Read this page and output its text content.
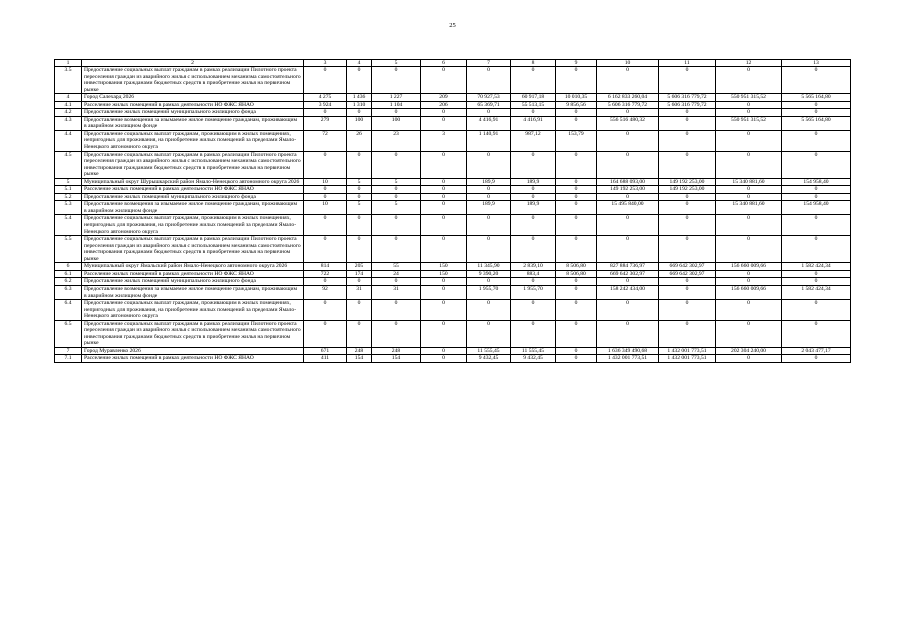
25
1	2	3	4	5	6	7	8	9	10	11	12	13
3.5	Предоставление социальных выплат гражданам в рамках реализации Пилотного проекта переселения граждан из аварийного жилья с использованием механизма самостоятельного инвестирования гражданами бюджетных средств в приобретение жилья на первичном рынке	0	0	0	0	0	0	0	0	0	0	0
4	Город Салехард 2026	4 275	1 436	1 227	209	70 927,53	60 917,18	10 010,35	6 162 833 260,04	5 606 316 779,72	550 951 315,52	5 565 164,80
4.1	Расселение жилых помещений в рамках деятельности НО ФЖС ЯНАО	3 924	1 310	1 104	206	65 369,71	55 513,15	9 856,56	5 606 316 779,72	5 606 316 779,72	0	0
4.2	Предоставление жилых помещений муниципального жилищного фонда	0	0	0	0	0	0	0	0	0	0	0
4.3	Предоставление возмещения за изымаемое жилое помещение гражданам, проживающим в аварийном жилищном фонде	279	100	100	0	4 416,91	4 416,91	0	556 516 480,32	0	550 951 315,52	5 565 164,80
4.4	Предоставление социальных выплат гражданам, проживающим в жилых помещениях, непригодных для проживания, на приобретение жилых помещений за пределами Ямало-Ненецкого автономного округа	72	26	23	3	1 140,91	987,12	153,79	0	0	0	0
4.5	Предоставление социальных выплат гражданам в рамках реализации Пилотного проекта переселения граждан из аварийного жилья с использованием механизма самостоятельного инвестирования гражданами бюджетных средств в приобретение жилья на первичном рынке	0	0	0	0	0	0	0	0	0	0	0
5	Муниципальный округ Шурышкарский район Ямало-Ненецкого автономного округа 2026	10	5	5	0	189,9	189,9	0	164 688 093,00	149 192 253,00	15 340 881,60	154 958,40
5.1	Расселение жилых помещений в рамках деятельности НО ФЖС ЯНАО	0	0	0	0	0	0	0	149 192 253,00	149 192 253,00	0	0
5.2	Предоставление жилых помещений муниципального жилищного фонда	0	0	0	0	0	0	0	0	0	0	0
5.3	Предоставление возмещения за изымаемое жилое помещение гражданам, проживающим в аварийном жилищном фонде	10	5	5	0	189,9	189,9	0	15 495 840,00	0	15 340 881,60	154 958,40
5.4	Предоставление социальных выплат гражданам, проживающим в жилых помещениях, непригодных для проживания, на приобретение жилых помещений за пределами Ямало-Ненецкого автономного округа	0	0	0	0	0	0	0	0	0	0	0
5.5	Предоставление социальных выплат гражданам в рамках реализации Пилотного проекта переселения граждан из аварийного жилья с использованием механизма самостоятельного инвестирования гражданами бюджетных средств в приобретение жилья на первичном рынке	0	0	0	0	0	0	0	0	0	0	0
6	Муниципальный округ Ямальский район Ямало-Ненецкого автономного округа 2026	814	205	55	150	11 345,90	2 839,10	8 506,80	827 884 736,97	669 642 302,97	156 660 009,66	1 582 424,34
6.1	Расселение жилых помещений в рамках деятельности НО ФЖС ЯНАО	722	174	24	150	9 390,20	883,4	8 506,80	669 642 302,97	669 642 302,97	0	0
6.2	Предоставление жилых помещений муниципального жилищного фонда	0	0	0	0	0	0	0	0	0	0	0
6.3	Предоставление возмещения за изымаемое жилое помещение гражданам, проживающим в аварийном жилищном фонде	92	31	31	0	1 955,70	1 955,70	0	158 242 434,00	0	156 660 009,66	1 582 424,34
6.4	Предоставление социальных выплат гражданам, проживающим в жилых помещениях, непригодных для проживания, на приобретение жилых помещений за пределами Ямало-Ненецкого автономного округа	0	0	0	0	0	0	0	0	0	0	0
6.5	Предоставление социальных выплат гражданам в рамках реализации Пилотного проекта переселения граждан из аварийного жилья с использованием механизма самостоятельного инвестирования гражданами бюджетных средств в приобретение жилья на первичном рынке	0	0	0	0	0	0	0	0	0	0	0
7	Город Муравленко 2026	671	248	248	0	11 555,45	11 555,45	0	1 636 349 490,68	1 432 001 773,51	202 304 240,00	2 043 477,17
7.1	Расселение жилых помещений в рамках деятельности НО ФЖС ЯНАО	411	154	154	0	9 432,45	9 432,45	0	1 432 001 773,51	1 432 001 773,51	0	0
